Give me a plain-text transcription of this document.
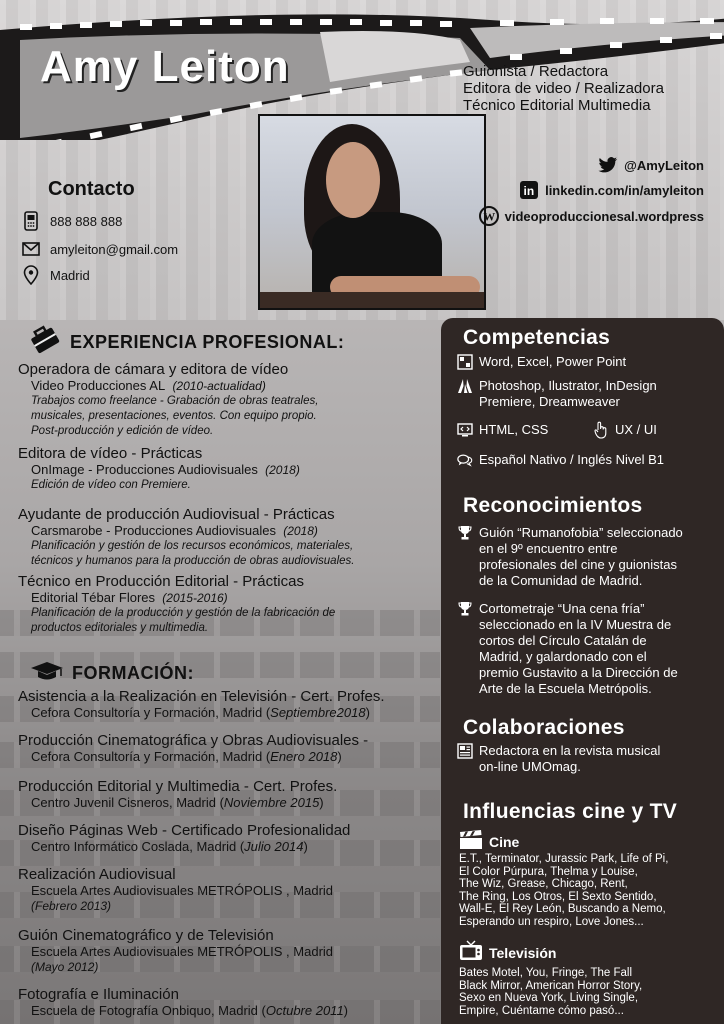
Amy Leiton	Guionista / Redactora
Editora de video / Realizadora
Técnico Editorial Multimedia
@AmyLeiton
in linkedin.com/in/amyleiton
W videoproduccionesal.wordpress
Contacto
888 888 888
amyleiton@gmail.com
Madrid
EXPERIENCIA PROFESIONAL:
Operadora de cámara y editora de vídeo
Video Producciones AL (2010-actualidad)
Trabajos como freelance - Grabación de obras teatrales,
musicales, presentaciones, eventos. Con equipo propio.
Post-producción y edición de vídeo.
Editora de vídeo - Prácticas
OnImage - Producciones Audiovisuales (2018)
Edición de vídeo con Premiere.
Ayudante de producción Audiovisual - Prácticas
Carsmarobe - Producciones Audiovisuales (2018)
Planificación y gestión de los recursos económicos, materiales,
técnicos y humanos para la producción de obras audiovisuales.
Técnico en Producción Editorial - Prácticas
Editorial Tébar Flores (2015-2016)
Planificación de la producción y gestión de la fabricación de
productos editoriales y multimedia.
FORMACIÓN:
Asistencia a la Realización en Televisión - Cert. Profes.
Cefora Consultoría y Formación, Madrid (Septiembre2018)
Producción Cinematográfica y Obras Audiovisuales -
Cefora Consultoría y Formación, Madrid (Enero 2018)
Producción Editorial y Multimedia - Cert. Profes.
Centro Juvenil Cisneros, Madrid (Noviembre 2015)
Diseño Páginas Web - Certificado Profesionalidad
Centro Informático Coslada, Madrid (Julio 2014)
Realización Audiovisual
Escuela Artes Audiovisuales METRÓPOLIS , Madrid
(Febrero 2013)
Guión Cinematográfico y de Televisión
Escuela Artes Audiovisuales METRÓPOLIS , Madrid
(Mayo 2012)
Fotografía e Iluminación
Escuela de Fotografía Onbiquo, Madrid (Octubre 2011)
Competencias
Word, Excel, Power Point
Photoshop, Ilustrator, InDesign
Premiere, Dreamweaver
HTML, CSS	UX / UI
Español Nativo / Inglés Nivel B1
Reconocimientos
Guión “Rumanofobia” seleccionado
en el 9º encuentro entre
profesionales del cine y guionistas
de la Comunidad de Madrid.
Cortometraje “Una cena fría”
seleccionado en la IV Muestra de
cortos del Círculo Catalán de
Madrid, y galardonado con el
premio Gustavito a la Dirección de
Arte de la Escuela Metrópolis.
Colaboraciones
Redactora en la revista musical
on-line UMOmag.
Influencias cine y TV
Cine
E.T., Terminator, Jurassic Park, Life of Pi,
El Color Púrpura, Thelma y Louise,
The Wiz, Grease, Chicago, Rent,
The Ring, Los Otros, El Sexto Sentido,
Wall-E, El Rey León, Buscando a Nemo,
Esperando un respiro, Love Jones...
Televisión
Bates Motel, You, Fringe, The Fall
Black Mirror, American Horror Story,
Sexo en Nueva York, Living Single,
Empire, Cuéntame cómo pasó...
